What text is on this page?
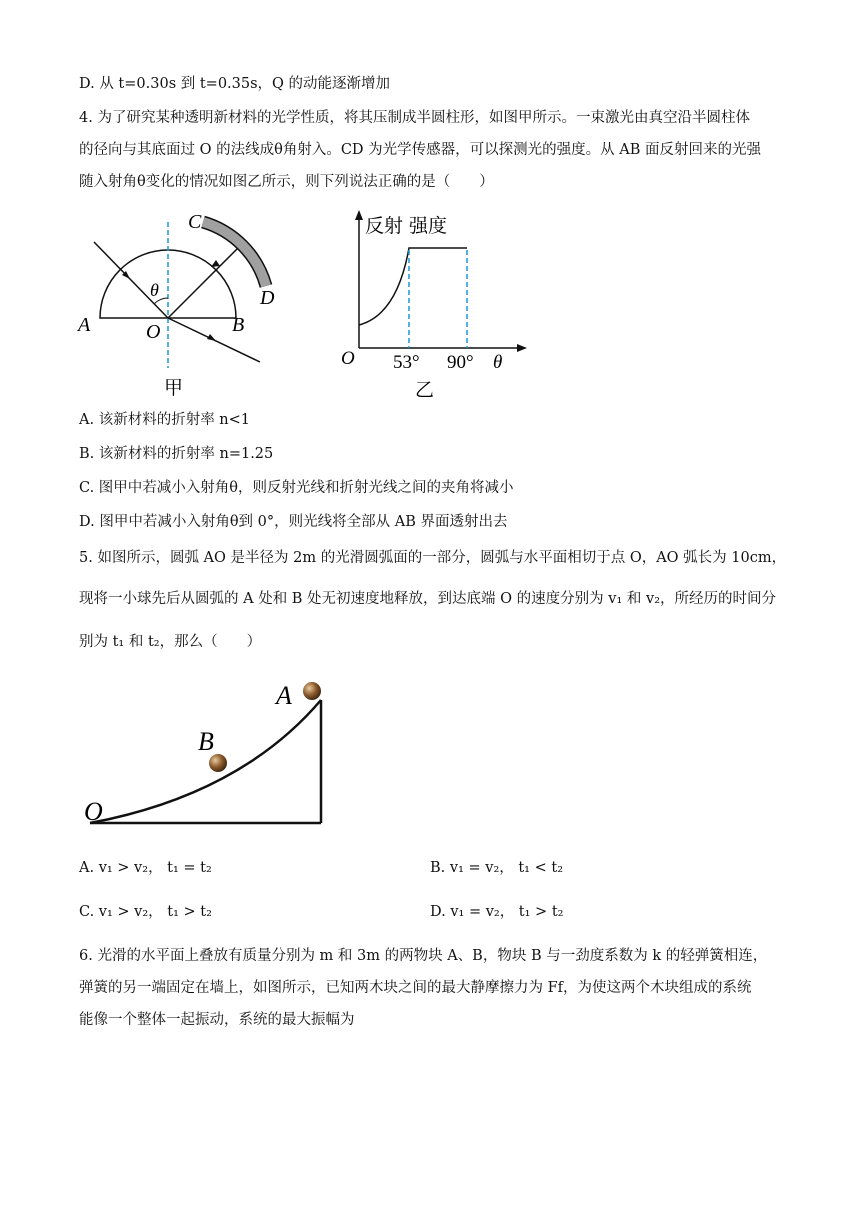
D. 从 t=0.30s 到 t=0.35s，Q 的动能逐渐增加
4. 为了研究某种透明新材料的光学性质，将其压制成半圆柱形，如图甲所示。一束激光由真空沿半圆柱体
的径向与其底面过 O 的法线成θ角射入。CD 为光学传感器，可以探测光的强度。从 AB 面反射回来的光强
随入射角θ变化的情况如图乙所示，则下列说法正确的是（　　）
A	B
O
C
D
θ
甲
反射 强度
O 53° 90° θ
乙
A. 该新材料的折射率 n<1
B. 该新材料的折射率 n=1.25
C. 图甲中若减小入射角θ，则反射光线和折射光线之间的夹角将减小
D. 图甲中若减小入射角θ到 0°，则光线将全部从 AB 界面透射出去
5. 如图所示，圆弧 AO 是半径为 2m 的光滑圆弧面的一部分，圆弧与水平面相切于点 O，AO 弧长为 10cm，
现将一小球先后从圆弧的 A 处和 B 处无初速度地释放，到达底端 O 的速度分别为 v₁ 和 v₂，所经历的时间分
别为 t₁ 和 t₂，那么（　　）
A
B
O
A. v₁ > v₂， t₁ = t₂	B. v₁ = v₂， t₁ < t₂
C. v₁ > v₂， t₁ > t₂	D. v₁ = v₂， t₁ > t₂
6. 光滑的水平面上叠放有质量分别为 m 和 3m 的两物块 A、B，物块 B 与一劲度系数为 k 的轻弹簧相连，
弹簧的另一端固定在墙上，如图所示，已知两木块之间的最大静摩擦力为 Ff，为使这两个木块组成的系统
能像一个整体一起振动，系统的最大振幅为
